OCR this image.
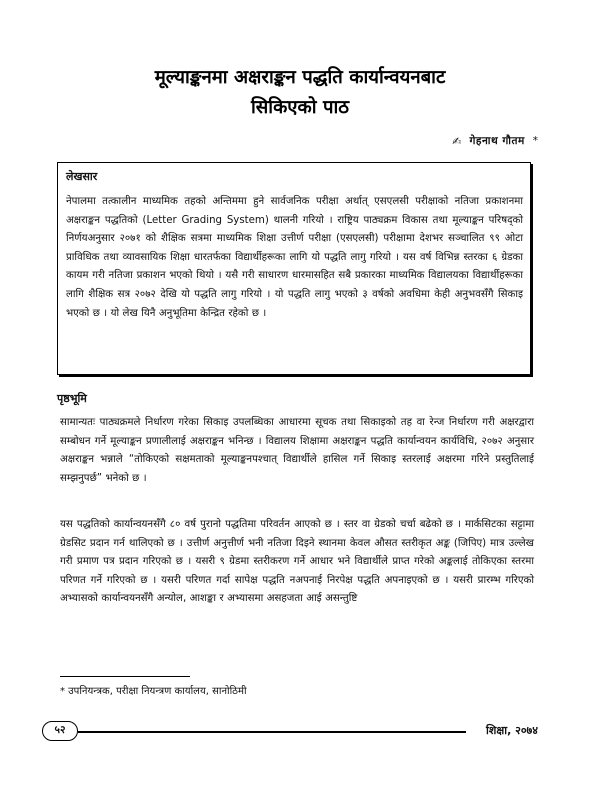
मूल्याङ्कनमा अक्षराङ्कन पद्धति कार्यान्वयनबाट
सिकिएको पाठ
✍ गेहनाथ गौतम *
लेखसार

नेपालमा तत्कालीन माध्यमिक तहको अन्तिममा हुने सार्वजनिक परीक्षा अर्थात् एसएलसी परीक्षाको नतिजा प्रकाशनमा अक्षराङ्कन पद्धतिको (Letter Grading System) थालनी गरियो । राष्ट्रिय पाठ्यक्रम विकास तथा मूल्याङ्कन परिषद्को निर्णयअनुसार २०७१ को शैक्षिक सत्रमा माध्यमिक शिक्षा उत्तीर्ण परीक्षा (एसएलसी) परीक्षामा देशभर सञ्चालित ९९ ओटा प्राविधिक तथा व्यावसायिक शिक्षा धारतर्फका विद्यार्थीहरूका लागि यो पद्धति लागु गरियो । यस वर्ष विभिन्न स्तरका ६ ग्रेडका कायम गरी नतिजा प्रकाशन भएको थियो । यसै गरी साधारण धारमासहित सबै प्रकारका माध्यमिक विद्यालयका विद्यार्थीहरूका लागि शैक्षिक सत्र २०७२ देखि यो पद्धति लागु गरियो । यो पद्धति लागु भएको ३ वर्षको अवधिमा केही अनुभवसँगै सिकाइ भएको छ । यो लेख यिनै अनुभूतिमा केन्द्रित रहेको छ ।

पृष्ठभूमि

सामान्यतः पाठ्यक्रमले निर्धारण गरेका सिकाइ उपलब्धिका आधारमा सूचक तथा सिकाइको तह वा रेन्ज निर्धारण गरी अक्षरद्वारा सम्बोधन गर्ने मूल्याङ्कन प्रणालीलाई अक्षराङ्कन भनिन्छ । विद्यालय शिक्षामा अक्षराङ्कन पद्धति कार्यान्वयन कार्यविधि, २०७२ अनुसार अक्षराङ्कन भन्नाले “तोकिएको सक्षमताको मूल्याङ्कनपश्चात् विद्यार्थीले हासिल गर्ने सिकाइ स्तरलाई अक्षरमा गरिने प्रस्तुतिलाई सम्झनुपर्छ” भनेको छ ।

यस पद्धतिको कार्यान्वयनसँगै ८० वर्ष पुरानो पद्धतिमा परिवर्तन आएको छ । स्तर वा ग्रेडको चर्चा बढेको छ । मार्कसिटका सट्टामा ग्रेडसिट प्रदान गर्न थालिएको छ । उत्तीर्ण अनुत्तीर्ण भनी नतिजा दिइने स्थानमा केवल औसत स्तरीकृत अङ्क (जिपिए) मात्र उल्लेख गरी प्रमाण पत्र प्रदान गरिएको छ । यसरी ९ ग्रेडमा स्तरीकरण गर्ने आधार भने विद्यार्थीले प्राप्त गरेको अङ्कलाई तोकिएका स्तरमा परिणत गर्ने गरिएको छ । यसरी परिणत गर्दा सापेक्ष पद्धति नअपनाई निरपेक्ष पद्धति अपनाइएको छ । यसरी प्रारम्भ गरिएको अभ्यासको कार्यान्वयनसँगै अन्योल, आशङ्का र अभ्यासमा असहजता आई असन्तुष्टि

* उपनियन्त्रक, परीक्षा नियन्त्रण कार्यालय, सानोठिमी
५२	शिक्षा, २०७४
